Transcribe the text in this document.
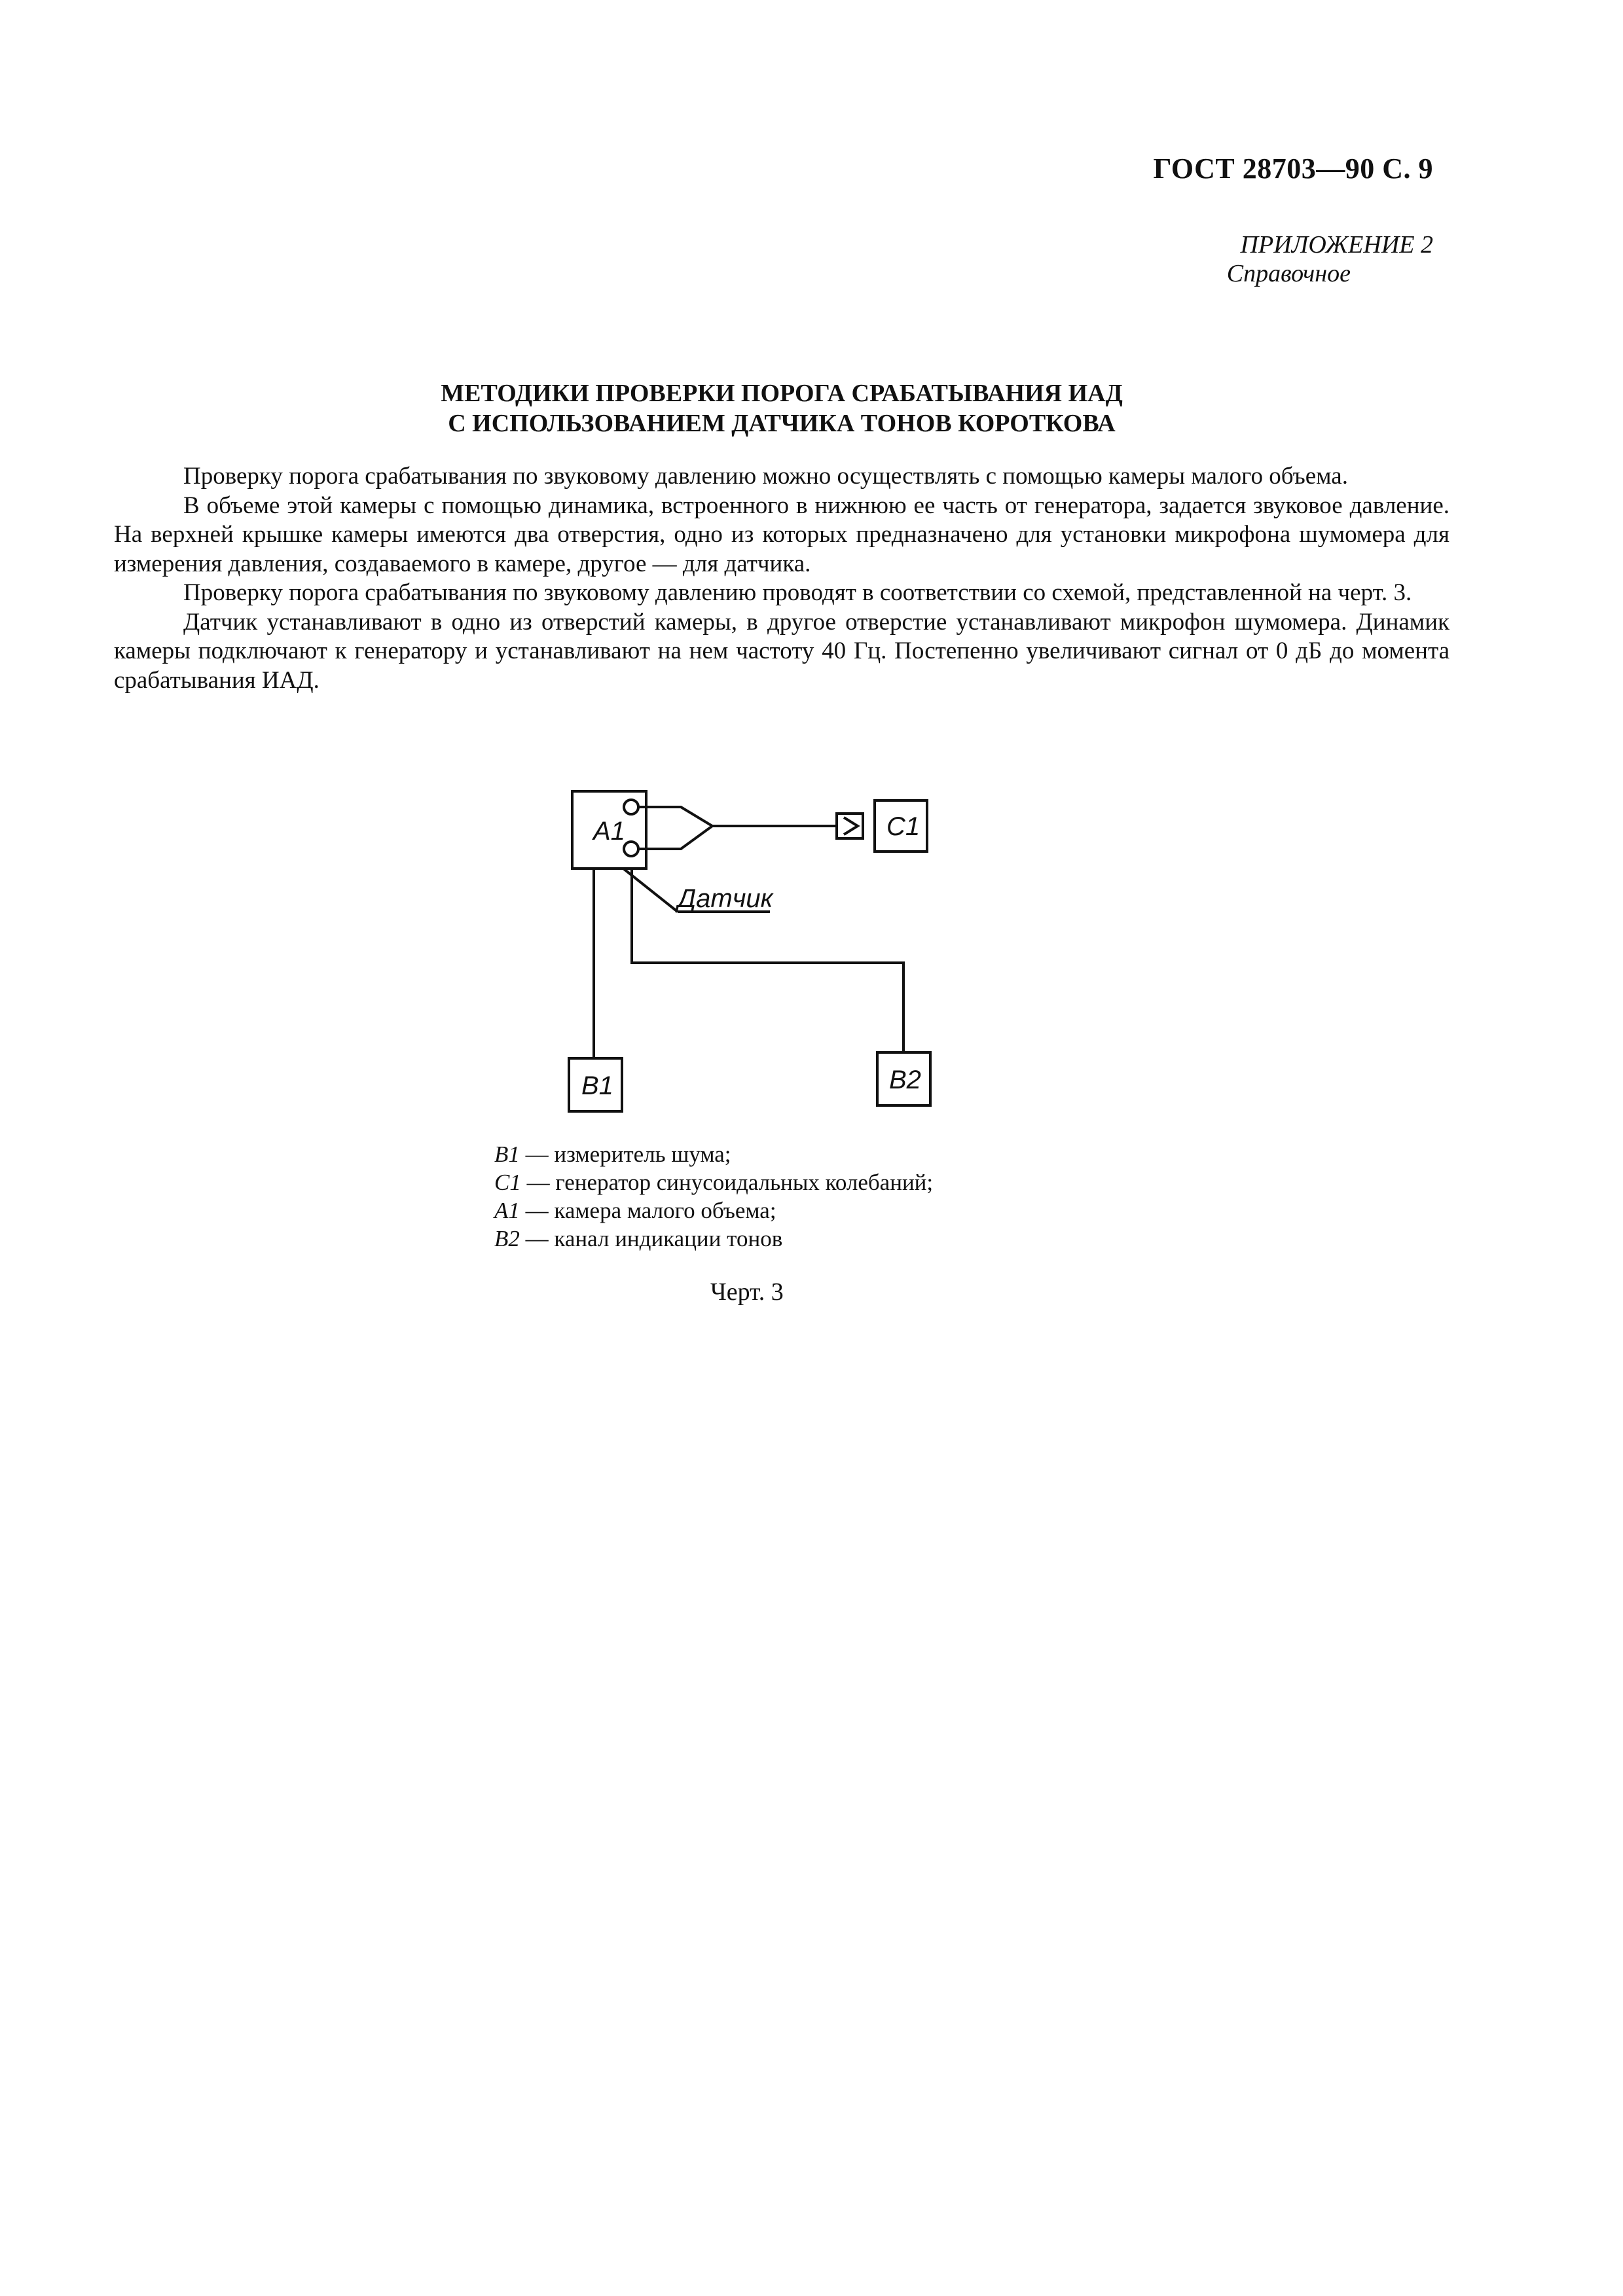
ГОСТ 28703—90 С. 9
ПРИЛОЖЕНИЕ 2
Справочное
МЕТОДИКИ ПРОВЕРКИ ПОРОГА СРАБАТЫВАНИЯ ИАД
С ИСПОЛЬЗОВАНИЕМ ДАТЧИКА ТОНОВ КОРОТКОВА

Проверку порога срабатывания по звуковому давлению можно осуществлять с помощью камеры малого объема.

В объеме этой камеры с помощью динамика, встроенного в нижнюю ее часть от генератора, задается звуковое давление. На верхней крышке камеры имеются два отверстия, одно из которых предназначено для установки микрофона шумомера для измерения давления, создаваемого в камере, другое — для датчика.

Проверку порога срабатывания по звуковому давлению проводят в соответствии со схемой, представленной на черт. 3.

Датчик устанавливают в одно из отверстий камеры, в другое отверстие устанавливают микрофон шумомера. Динамик камеры подключают к генератору и устанавливают на нем частоту 40 Гц. Постепенно увеличивают сигнал от 0 дБ до момента срабатывания ИАД.

A1	C1
Датчик
B1	B2
B1 — измеритель шума;
C1 — генератор синусоидальных колебаний;
A1 — камера малого объема;
B2 — канал индикации тонов
Черт. 3
